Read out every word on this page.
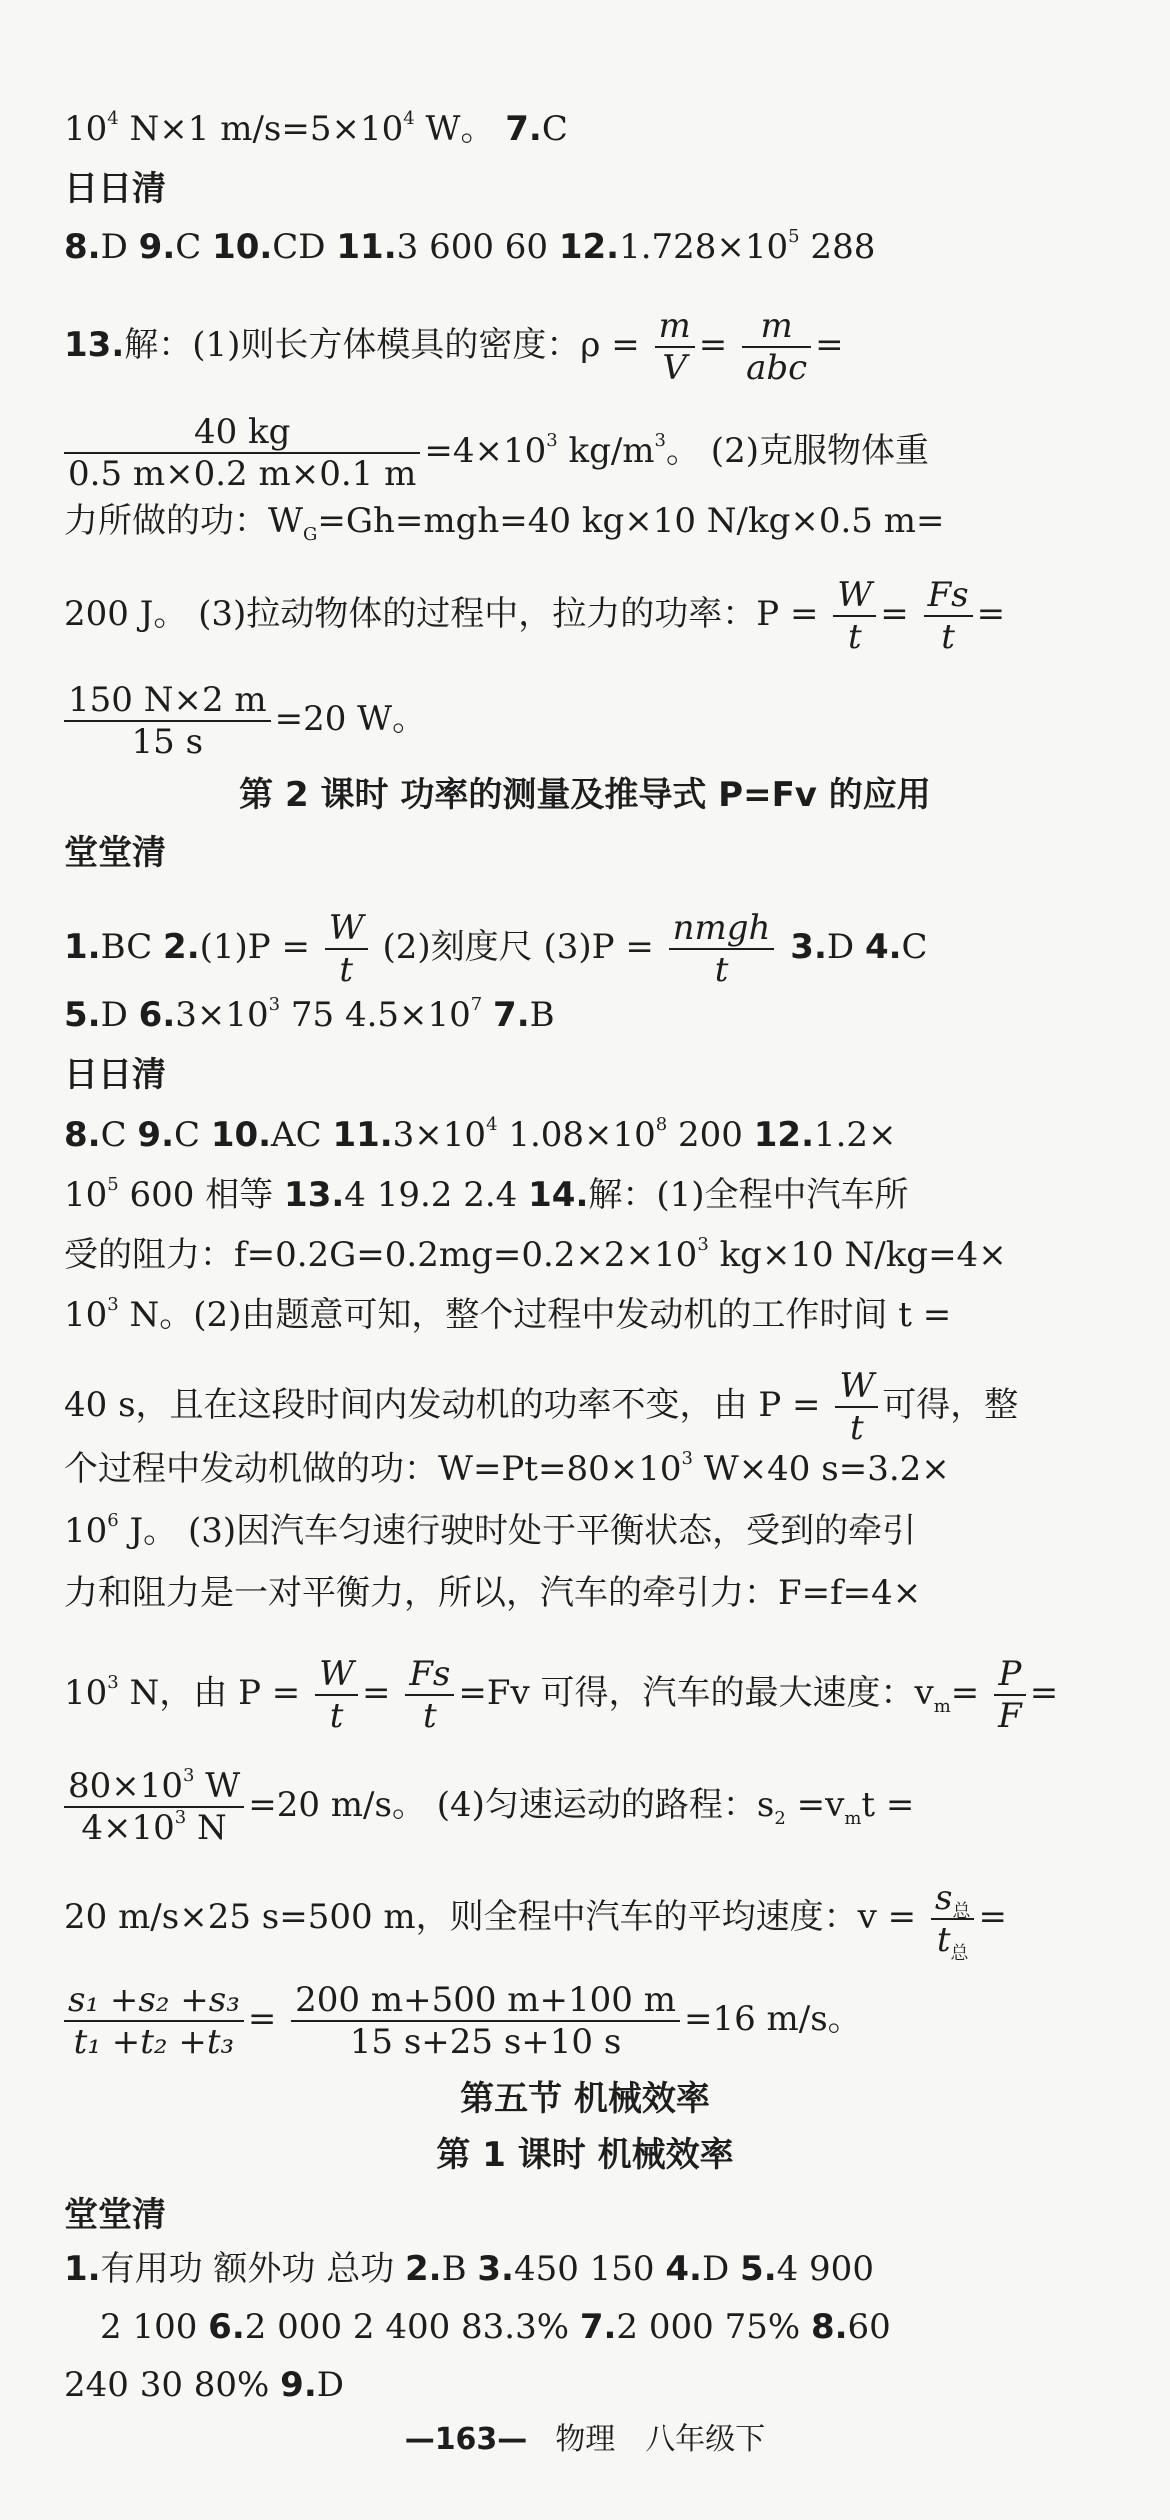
$10^4$ N×1 $m/s=5\times 10^4$ W。 7.C
日日清
8.D 9.C 10.CD 11.3 600 60 $12.1.728\times 10^5$ 288
13.解：(1)则长方体模具的密度：$\rho = \frac{m}{V} = \frac{m}{\text{abc}}$ =
$\frac{40 kg}{0.5 m\times 0.2 m\times 0.1 m} =4\times 10^3$ $kg/m^3$。 (2)克服物体重
力所做的功：$W_G=Gh=mgh=40$ kg×10 N/kg×0.5 m=
200 J。 (3)拉动物体的过程中，拉力的功率：$P = \frac{W}{t} = \frac{Fs}{t}$ =
$\frac{150 N\times 2 m}{15 s} =20$ W。
第 2 课时 功率的测量及推导式 P=Fv 的应用
堂堂清
1.BC $2.(1)P = \frac{W}{t} (2)$刻度尺 $(3)P = \frac{\text{nmgh}}{t} 3.D$ 4.C
5.D $6.3\times 10^3$ 75 $4.5\times 10^7$ 7.B
日日清
8.C 9.C 10.AC $11.3\times 10^4$ $1.08\times 10^8$ 200 12.1.2×
$10^5$ 600 相等 13.4 19.2 2.4 14.解：(1)全程中汽车所
受的阻力：$f=0.2G=0.2mg=0.2\times 2\times 10^3$ kg×10 N/kg=4×
$10^3$ N。(2)由题意可知，整个过程中发动机的工作时间 t =
40 s，且在这段时间内发动机的功率不变，由 $P = \frac{W}{t}$ 可得，整
个过程中发动机做的功：$W=Pt=80\times 10^3$ W×40 s=3.2×
$10^6$ J。 (3)因汽车匀速行驶时处于平衡状态，受到的牵引
力和阻力是一对平衡力，所以，汽车的牵引力：F=f=4×
$10^3$ N，由 $P = \frac{W}{t} = \frac{Fs}{t} =Fv$ 可得，汽车的最大速度：$v_m= \frac{P}{F}$ =
$\frac{80\times 10^3 W}{4\times 10^3 N} =20$ m/s。 (4)匀速运动的路程：$s_2 =v_mt$ =
20 m/s×25 s=500 m，则全程中汽车的平均速度：$v = \frac{s_总}{t_总}$ =
$\frac{\text{s₁ +s₂ +s₃}}{\text{t₁ +t₂ +t₃}} = \frac{200 m+500 m+100 m}{15 s+25 s+10 s} =16$ m/s。
第五节 机械效率
第 1 课时 机械效率
堂堂清
1.有用功 额外功 总功 2.B 3.450 150 4.D 5.4 900
2 100 6.2 000 2 400 83.3% 7.2 000 75% 8.60
240 30 80% 9.D
—163— 物理 八年级下
